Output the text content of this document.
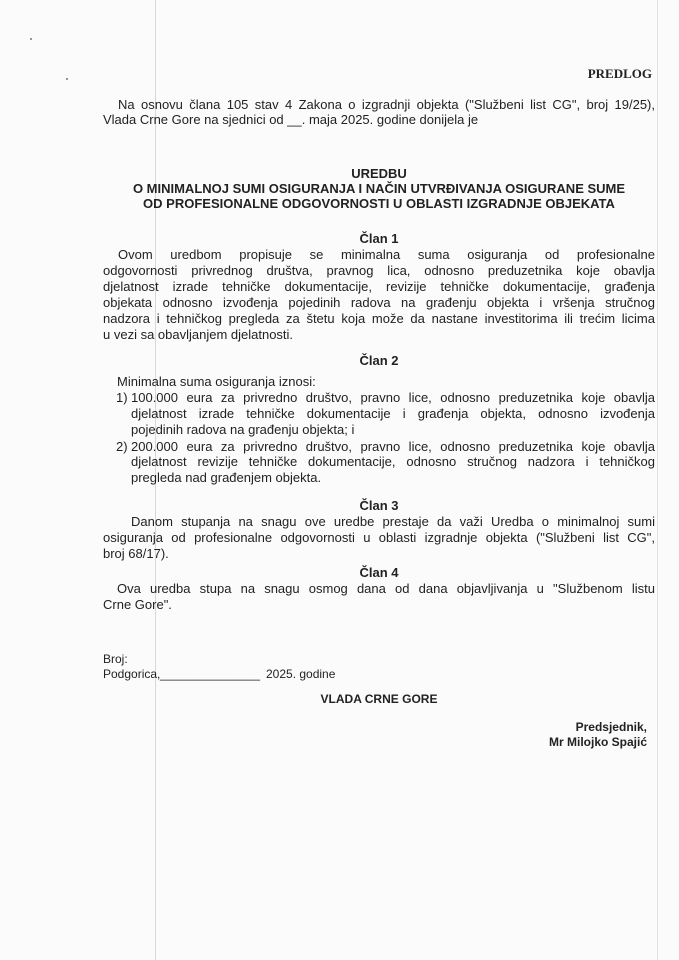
PREDLOG
Na osnovu člana 105 stav 4 Zakona o izgradnji objekta ("Službeni list CG", broj 19/25),
Vlada Crne Gore na sjednici od __. maja 2025. godine donijela je
UREDBU
O MINIMALNOJ SUMI OSIGURANJA I NAČIN UTVRĐIVANJA OSIGURANE SUME
OD PROFESIONALNE ODGOVORNOSTI U OBLASTI IZGRADNJE OBJEKATA
Član 1
Ovom uredbom propisuje se minimalna suma osiguranja od profesionalne
odgovornosti privrednog društva, pravnog lica, odnosno preduzetnika koje obavlja
djelatnost izrade tehničke dokumentacije, revizije tehničke dokumentacije, građenja
objekata odnosno izvođenja pojedinih radova na građenju objekta i vršenja stručnog
nadzora i tehničkog pregleda za štetu koja može da nastane investitorima ili trećim licima
u vezi sa obavljanjem djelatnosti.
Član 2
Minimalna suma osiguranja iznosi:
1) 100.000 eura za privredno društvo, pravno lice, odnosno preduzetnika koje obavlja
djelatnost izrade tehničke dokumentacije i građenja objekta, odnosno izvođenja
pojedinih radova na građenju objekta; i
2) 200.000 eura za privredno društvo, pravno lice, odnosno preduzetnika koje obavlja
djelatnost revizije tehničke dokumentacije, odnosno stručnog nadzora i tehničkog
pregleda nad građenjem objekta.
Član 3
Danom stupanja na snagu ove uredbe prestaje da važi Uredba o minimalnoj sumi
osiguranja od profesionalne odgovornosti u oblasti izgradnje objekta ("Službeni list CG",
broj 68/17).
Član 4
Ova uredba stupa na snagu osmog dana od dana objavljivanja u "Službenom listu
Crne Gore".
Broj:
Podgorica, _______________ 2025. godine
VLADA CRNE GORE
Predsjednik,
Mr Milojko Spajić
